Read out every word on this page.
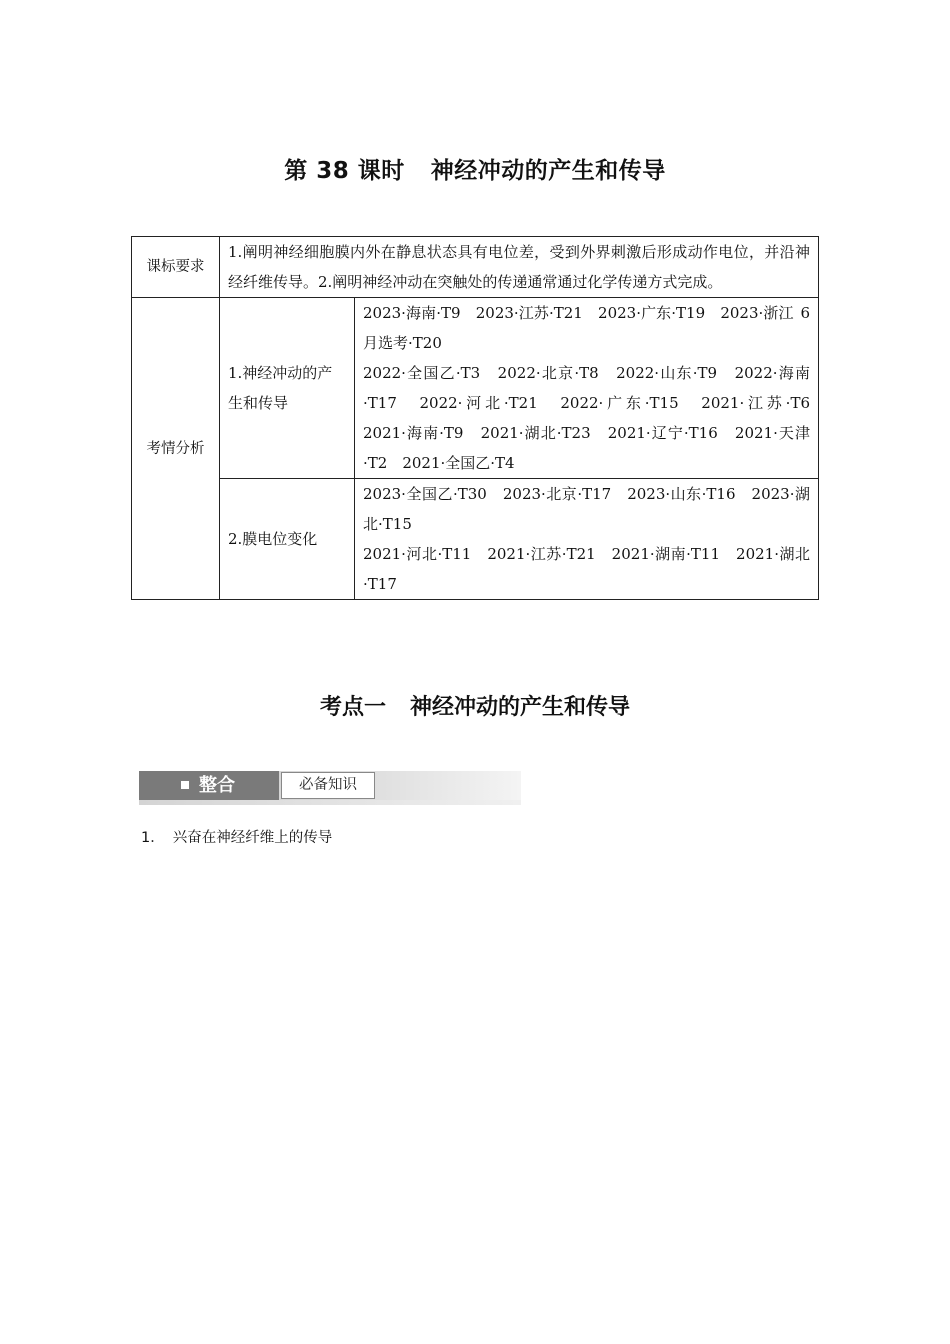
第 38 课时 神经冲动的产生和传导
课标要求	1.阐明神经细胞膜内外在静息状态具有电位差，受到外界刺激后形成动作电位，并沿神经纤维传导。2.阐明神经冲动在突触处的传递通常通过化学传递方式完成。	
考情分析	1.神经冲动的产生和传导	2023·海南·T9　2023·江苏·T21　2023·广东·T19　2023·浙江 6 月选考·T20
2022·全国乙·T3　2022·北京·T8　2022·山东·T9　2022·海南·T17　2022·河北·T21　2022·广东·T15　2021·江苏·T6　2021·海南·T9　2021·湖北·T23　2021·辽宁·T16　2021·天津·T2　2021·全国乙·T4

	2.膜电位变化	2023·全国乙·T30　2023·北京·T17　2023·山东·T16　2023·湖北·T15
2021·河北·T11　2021·江苏·T21　2021·湖南·T11　2021·湖北·T17
考点一 神经冲动的产生和传导
整合	必备知识
1． 兴奋在神经纤维上的传导
